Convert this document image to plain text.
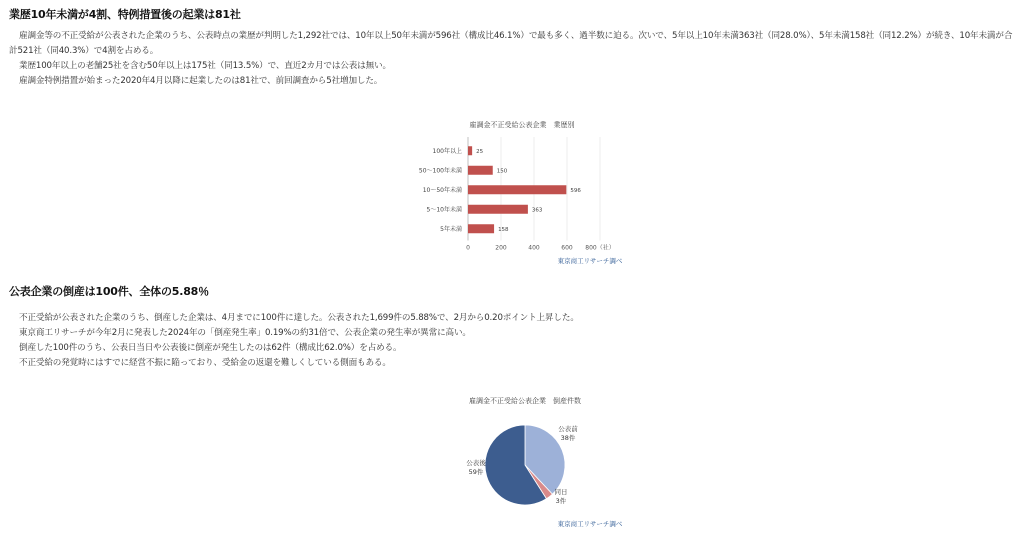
業歴10年未満が4割、特例措置後の起業は81社

雇調金等の不正受給が公表された企業のうち、公表時点の業歴が判明した1,292社では、10年以上50年未満が596社（構成比46.1%）で最も多く、過半数に迫る。次いで、5年以上10年未満363社（同28.0%）、5年未満158社（同12.2%）が続き、10年未満が合計521社（同40.3%）で4割を占める。

業歴100年以上の老舗25社を含む50年以上は175社（同13.5%）で、直近2カ月では公表は無い。

雇調金特例措置が始まった2020年4月以降に起業したのは81社で、前回調査から5社増加した。

雇調金不正受給公表企業　業歴別
25
150
596
363
158
100年以上
50〜100年未満
10〜50年未満
5〜10年未満
5年未満
0	200	400	600 800（社）
東京商工リサーチ調べ
公表企業の倒産は100件、全体の5.88％

不正受給が公表された企業のうち、倒産した企業は、4月までに100件に達した。公表された1,699件の5.88%で、2月から0.20ポイント上昇した。

東京商工リサーチが今年2月に発表した2024年の「倒産発生率」0.19%の約31倍で、公表企業の発生率が異常に高い。

倒産した100件のうち、公表日当日や公表後に倒産が発生したのは62件（構成比62.0%）を占める。

不正受給の発覚時にはすでに経営不振に陥っており、受給金の返還を難しくしている側面もある。

雇調金不正受給公表企業　倒産件数
公表前
38件
同日
3件
公表後
59件
東京商工リサーチ調べ
